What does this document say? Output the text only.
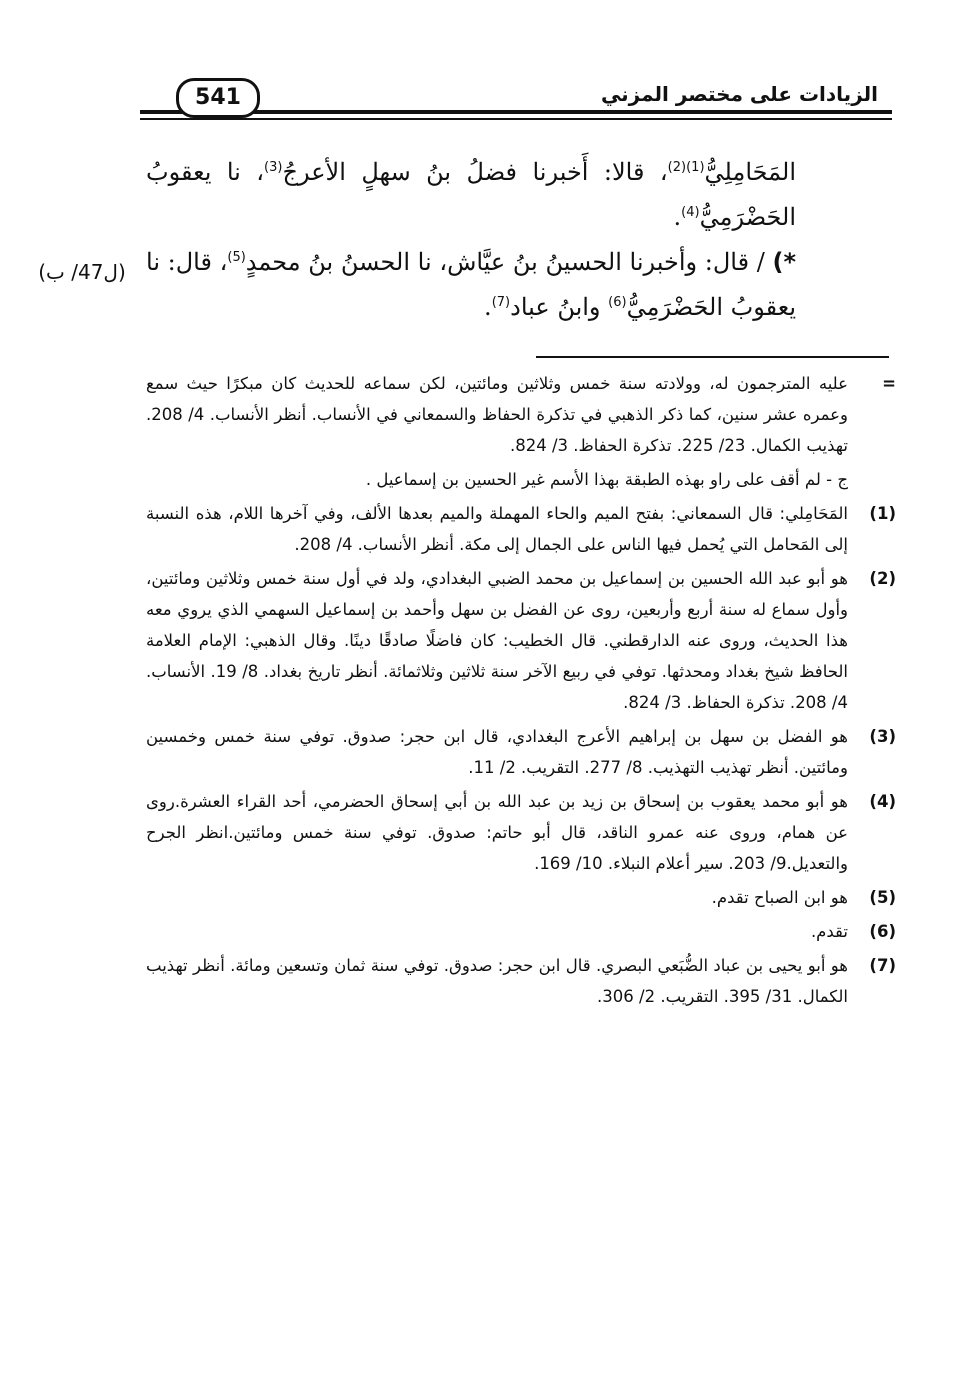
541	الزيادات على مختصر المزني

المَحَامِلِيُّ$^{(1)(2)}$، قالا: أَخبرنا فضلُ بنُ سهلٍ الأعرجُ$^{(3)}$، نا يعقوبُ الحَضْرَمِيُّ$^{(4)}$.

*) / قال: وأخبرنا الحسينُ بنُ عيَّاش، نا الحسنُ بنُ محمدٍ$^{(5)}$، قال: نا يعقوبُ الحَضْرَمِيُّ$^{(6)}$ وابنُ عباد$^{(7)}$.

(ل47/ ب)
=
عليه المترجمون له، وولادته سنة خمس وثلاثين ومائتين، لكن سماعه للحديث كان مبكرًا حيث سمع وعمره عشر سنين، كما ذكر الذهبي في تذكرة الحفاظ والسمعاني في الأنساب. أنظر الأنساب. 4/ 208. تهذيب الكمال. 23/ 225. تذكرة الحفاظ. 3/ 824.
ج - لم أقف على راو بهذه الطبقة بهذا الأسم غير الحسين بن إسماعيل .
(1)
المَحَامِلي: قال السمعاني: بفتح الميم والحاء المهملة والميم بعدها الألف، وفي آخرها اللام، هذه النسبة إلى المَحامل التي يُحمل فيها الناس على الجمال إلى مكة. أنظر الأنساب. 4/ 208.
(2)
هو أبو عبد الله الحسين بن إسماعيل بن محمد الضبي البغدادي، ولد في أول سنة خمس وثلاثين ومائتين، وأول سماع له سنة أربع وأربعين، روى عن الفضل بن سهل وأحمد بن إسماعيل السهمي الذي يروي معه هذا الحديث، وروى عنه الدارقطني. قال الخطيب: كان فاضلًا صادقًا دينًا. وقال الذهبي: الإمام العلامة الحافظ شيخ بغداد ومحدثها. توفي في ربيع الآخر سنة ثلاثين وثلاثمائة. أنظر تاريخ بغداد. 8/ 19. الأنساب. 4/ 208. تذكرة الحفاظ. 3/ 824.
(3)
هو الفضل بن سهل بن إبراهيم الأعرج البغدادي، قال ابن حجر: صدوق. توفي سنة خمس وخمسين ومائتين. أنظر تهذيب التهذيب. 8/ 277. التقريب. 2/ 11.
(4)
هو أبو محمد يعقوب بن إسحاق بن زيد بن عبد الله بن أبي إسحاق الحضرمي، أحد القراء العشرة.روى عن همام، وروى عنه عمرو الناقد، قال أبو حاتم: صدوق. توفي سنة خمس ومائتين.انظر الجرح والتعديل.9/ 203. سير أعلام النبلاء. 10/ 169.
(5)
هو ابن الصباح تقدم.
(6)
تقدم.
(7)
هو أبو يحيى بن عباد الضُّبَعي البصري. قال ابن حجر: صدوق. توفي سنة ثمان وتسعين ومائة. أنظر تهذيب الكمال. 31/ 395. التقريب. 2/ 306.
